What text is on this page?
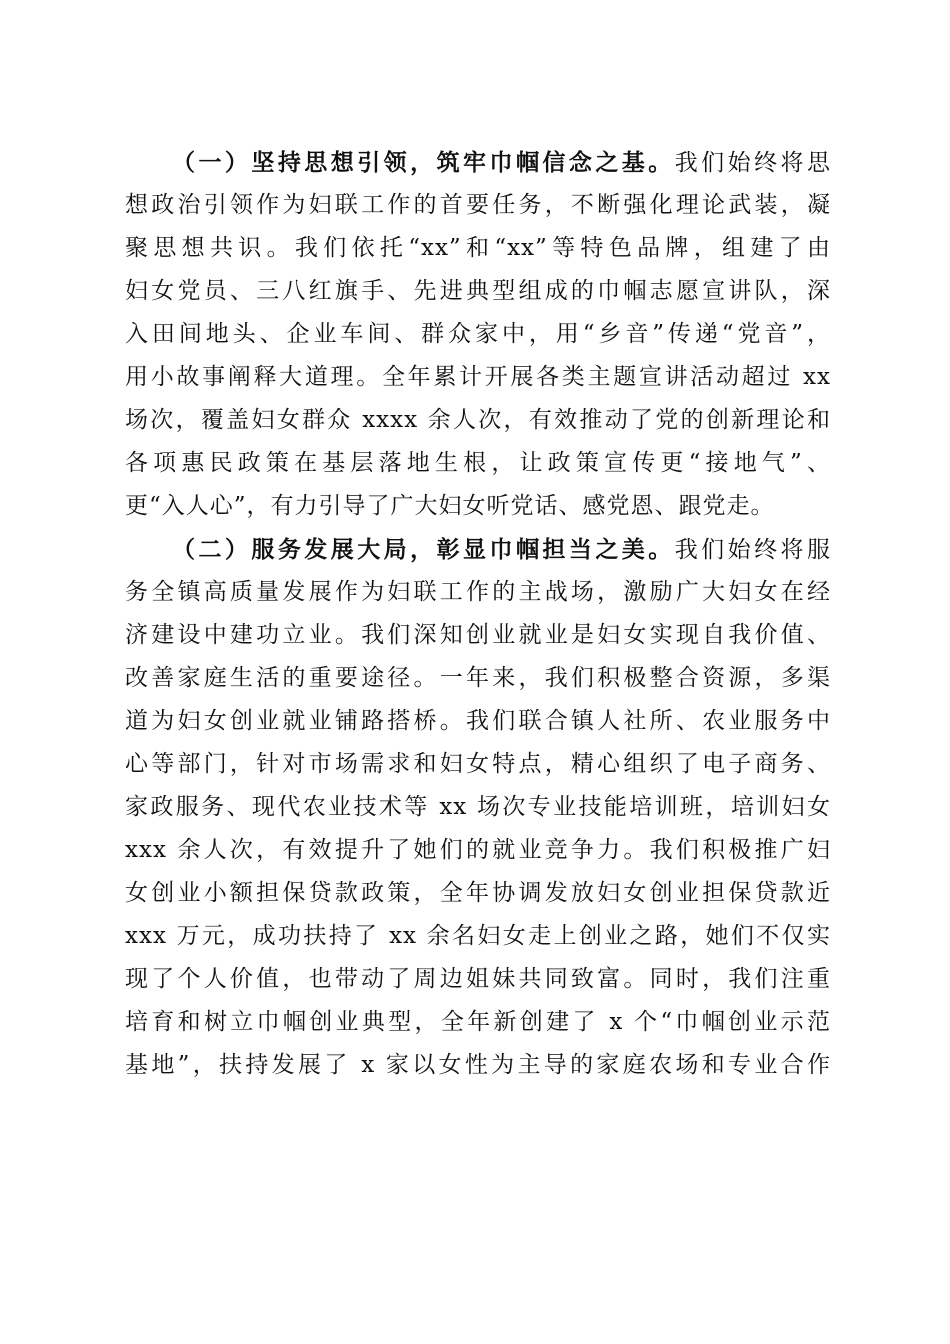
（一）坚持思想引领，筑牢巾帼信念之基。我们始终将思
想政治引领作为妇联工作的首要任务，不断强化理论武装，凝
聚思想共识。我们依托“xx”和“xx”等特色品牌，组建了由
妇女党员、三八红旗手、先进典型组成的巾帼志愿宣讲队，深
入田间地头、企业车间、群众家中，用“乡音”传递“党音”，
用小故事阐释大道理。全年累计开展各类主题宣讲活动超过 xx
场次，覆盖妇女群众 xxxx 余人次，有效推动了党的创新理论和
各项惠民政策在基层落地生根，让政策宣传更“接地气”、
更“入人心”，有力引导了广大妇女听党话、感党恩、跟党走。
（二）服务发展大局，彰显巾帼担当之美。我们始终将服
务全镇高质量发展作为妇联工作的主战场，激励广大妇女在经
济建设中建功立业。我们深知创业就业是妇女实现自我价值、
改善家庭生活的重要途径。一年来，我们积极整合资源，多渠
道为妇女创业就业铺路搭桥。我们联合镇人社所、农业服务中
心等部门，针对市场需求和妇女特点，精心组织了电子商务、
家政服务、现代农业技术等 xx 场次专业技能培训班，培训妇女
xxx 余人次，有效提升了她们的就业竞争力。我们积极推广妇
女创业小额担保贷款政策，全年协调发放妇女创业担保贷款近
xxx 万元，成功扶持了 xx 余名妇女走上创业之路，她们不仅实
现了个人价值，也带动了周边姐妹共同致富。同时，我们注重
培育和树立巾帼创业典型，全年新创建了 x 个“巾帼创业示范
基地”，扶持发展了 x 家以女性为主导的家庭农场和专业合作
